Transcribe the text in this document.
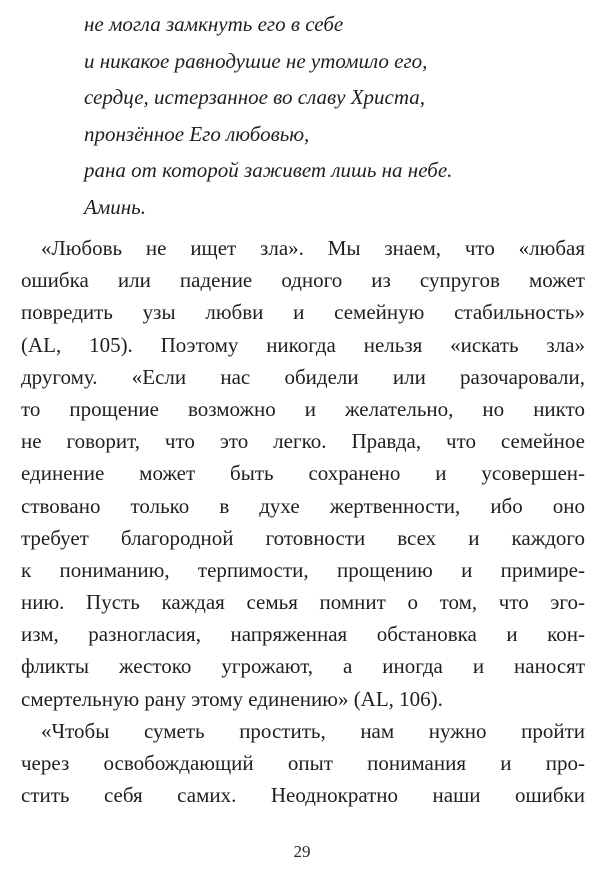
не могла замкнуть его в себе
и никакое равнодушие не утомило его,
сердце, истерзанное во славу Христа,
пронзённое Его любовью,
рана от которой заживет лишь на небе.
Аминь.
«Любовь не ищет зла». Мы знаем, что «любая
ошибка или падение одного из супругов может
повредить узы любви и семейную стабильность»
(AL, 105). Поэтому никогда нельзя «искать зла»
другому. «Если нас обидели или разочаровали,
то прощение возможно и желательно, но никто
не говорит, что это легко. Правда, что семейное
единение может быть сохранено и усовершен-
ствовано только в духе жертвенности, ибо оно
требует благородной готовности всех и каждого
к пониманию, терпимости, прощению и примире-
нию. Пусть каждая семья помнит о том, что эго-
изм, разногласия, напряженная обстановка и кон-
фликты жестоко угрожают, а иногда и наносят
смертельную рану этому единению» (AL, 106).
«Чтобы суметь простить, нам нужно пройти
через освобождающий опыт понимания и про-
стить себя самих. Неоднократно наши ошибки
29
